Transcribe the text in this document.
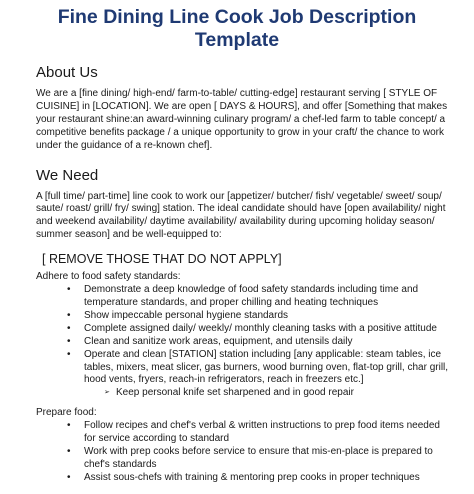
Fine Dining Line Cook Job Description
Template
About Us

We are a [fine dining/ high-end/ farm-to-table/ cutting-edge] restaurant serving [ STYLE OF CUISINE] in [LOCATION]. We are open [ DAYS & HOURS], and offer [Something that makes your restaurant shine:an award-winning culinary program/ a chef-led farm to table concept/ a competitive benefits package / a unique opportunity to grow in your craft/ the chance to work under the guidance of a re-known chef].

We Need

A [full time/ part-time] line cook to work our [appetizer/ butcher/ fish/ vegetable/ sweet/ soup/ saute/ roast/ grill/ fry/ swing] station. The ideal candidate should have [open availability/ night and weekend availability/ daytime availability/ availability during upcoming holiday season/ summer season] and be well-equipped to:

[ REMOVE THOSE THAT DO NOT APPLY]

Adhere to food safety standards:

• Demonstrate a deep knowledge of food safety standards including time and temperature standards, and proper chilling and heating techniques
• Show impeccable personal hygiene standards
• Complete assigned daily/ weekly/ monthly cleaning tasks with a positive attitude
• Clean and sanitize work areas, equipment, and utensils daily
• Operate and clean [STATION] station including [any applicable: steam tables, ice tables, mixers, meat slicer, gas burners, wood burning oven, flat-top grill, char grill, hood vents, fryers, reach-in refrigerators, reach in freezers etc.]
➢ Keep personal knife set sharpened and in good repair

Prepare food:

• Follow recipes and chef's verbal & written instructions to prep food items needed for service according to standard
• Work with prep cooks before service to ensure that mis-en-place is prepared to chef's standards
• Assist sous-chefs with training & mentoring prep cooks in proper techniques
